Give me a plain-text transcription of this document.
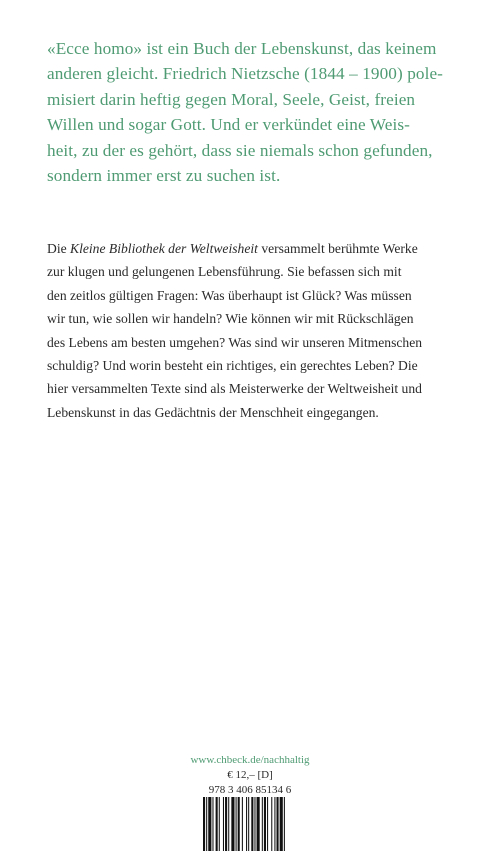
«Ecce homo» ist ein Buch der Lebenskunst, das keinem
anderen gleicht. Friedrich Nietzsche (1844 – 1900) pole-
misiert darin heftig gegen Moral, Seele, Geist, freien
Willen und sogar Gott. Und er verkündet eine Weis-
heit, zu der es gehört, dass sie niemals schon gefunden,
sondern immer erst zu suchen ist.
Die Kleine Bibliothek der Weltweisheit versammelt berühmte Werke
zur klugen und gelungenen Lebensführung. Sie befassen sich mit
den zeitlos gültigen Fragen: Was überhaupt ist Glück? Was müssen
wir tun, wie sollen wir handeln? Wie können wir mit Rückschlägen
des Lebens am besten umgehen? Was sind wir unseren Mitmenschen
schuldig? Und worin besteht ein richtiges, ein gerechtes Leben? Die
hier versammelten Texte sind als Meisterwerke der Weltweisheit und
Lebenskunst in das Gedächtnis der Menschheit eingegangen.
www.chbeck.de/nachhaltig
€ 12,– [D]
978 3 406 85134 6
